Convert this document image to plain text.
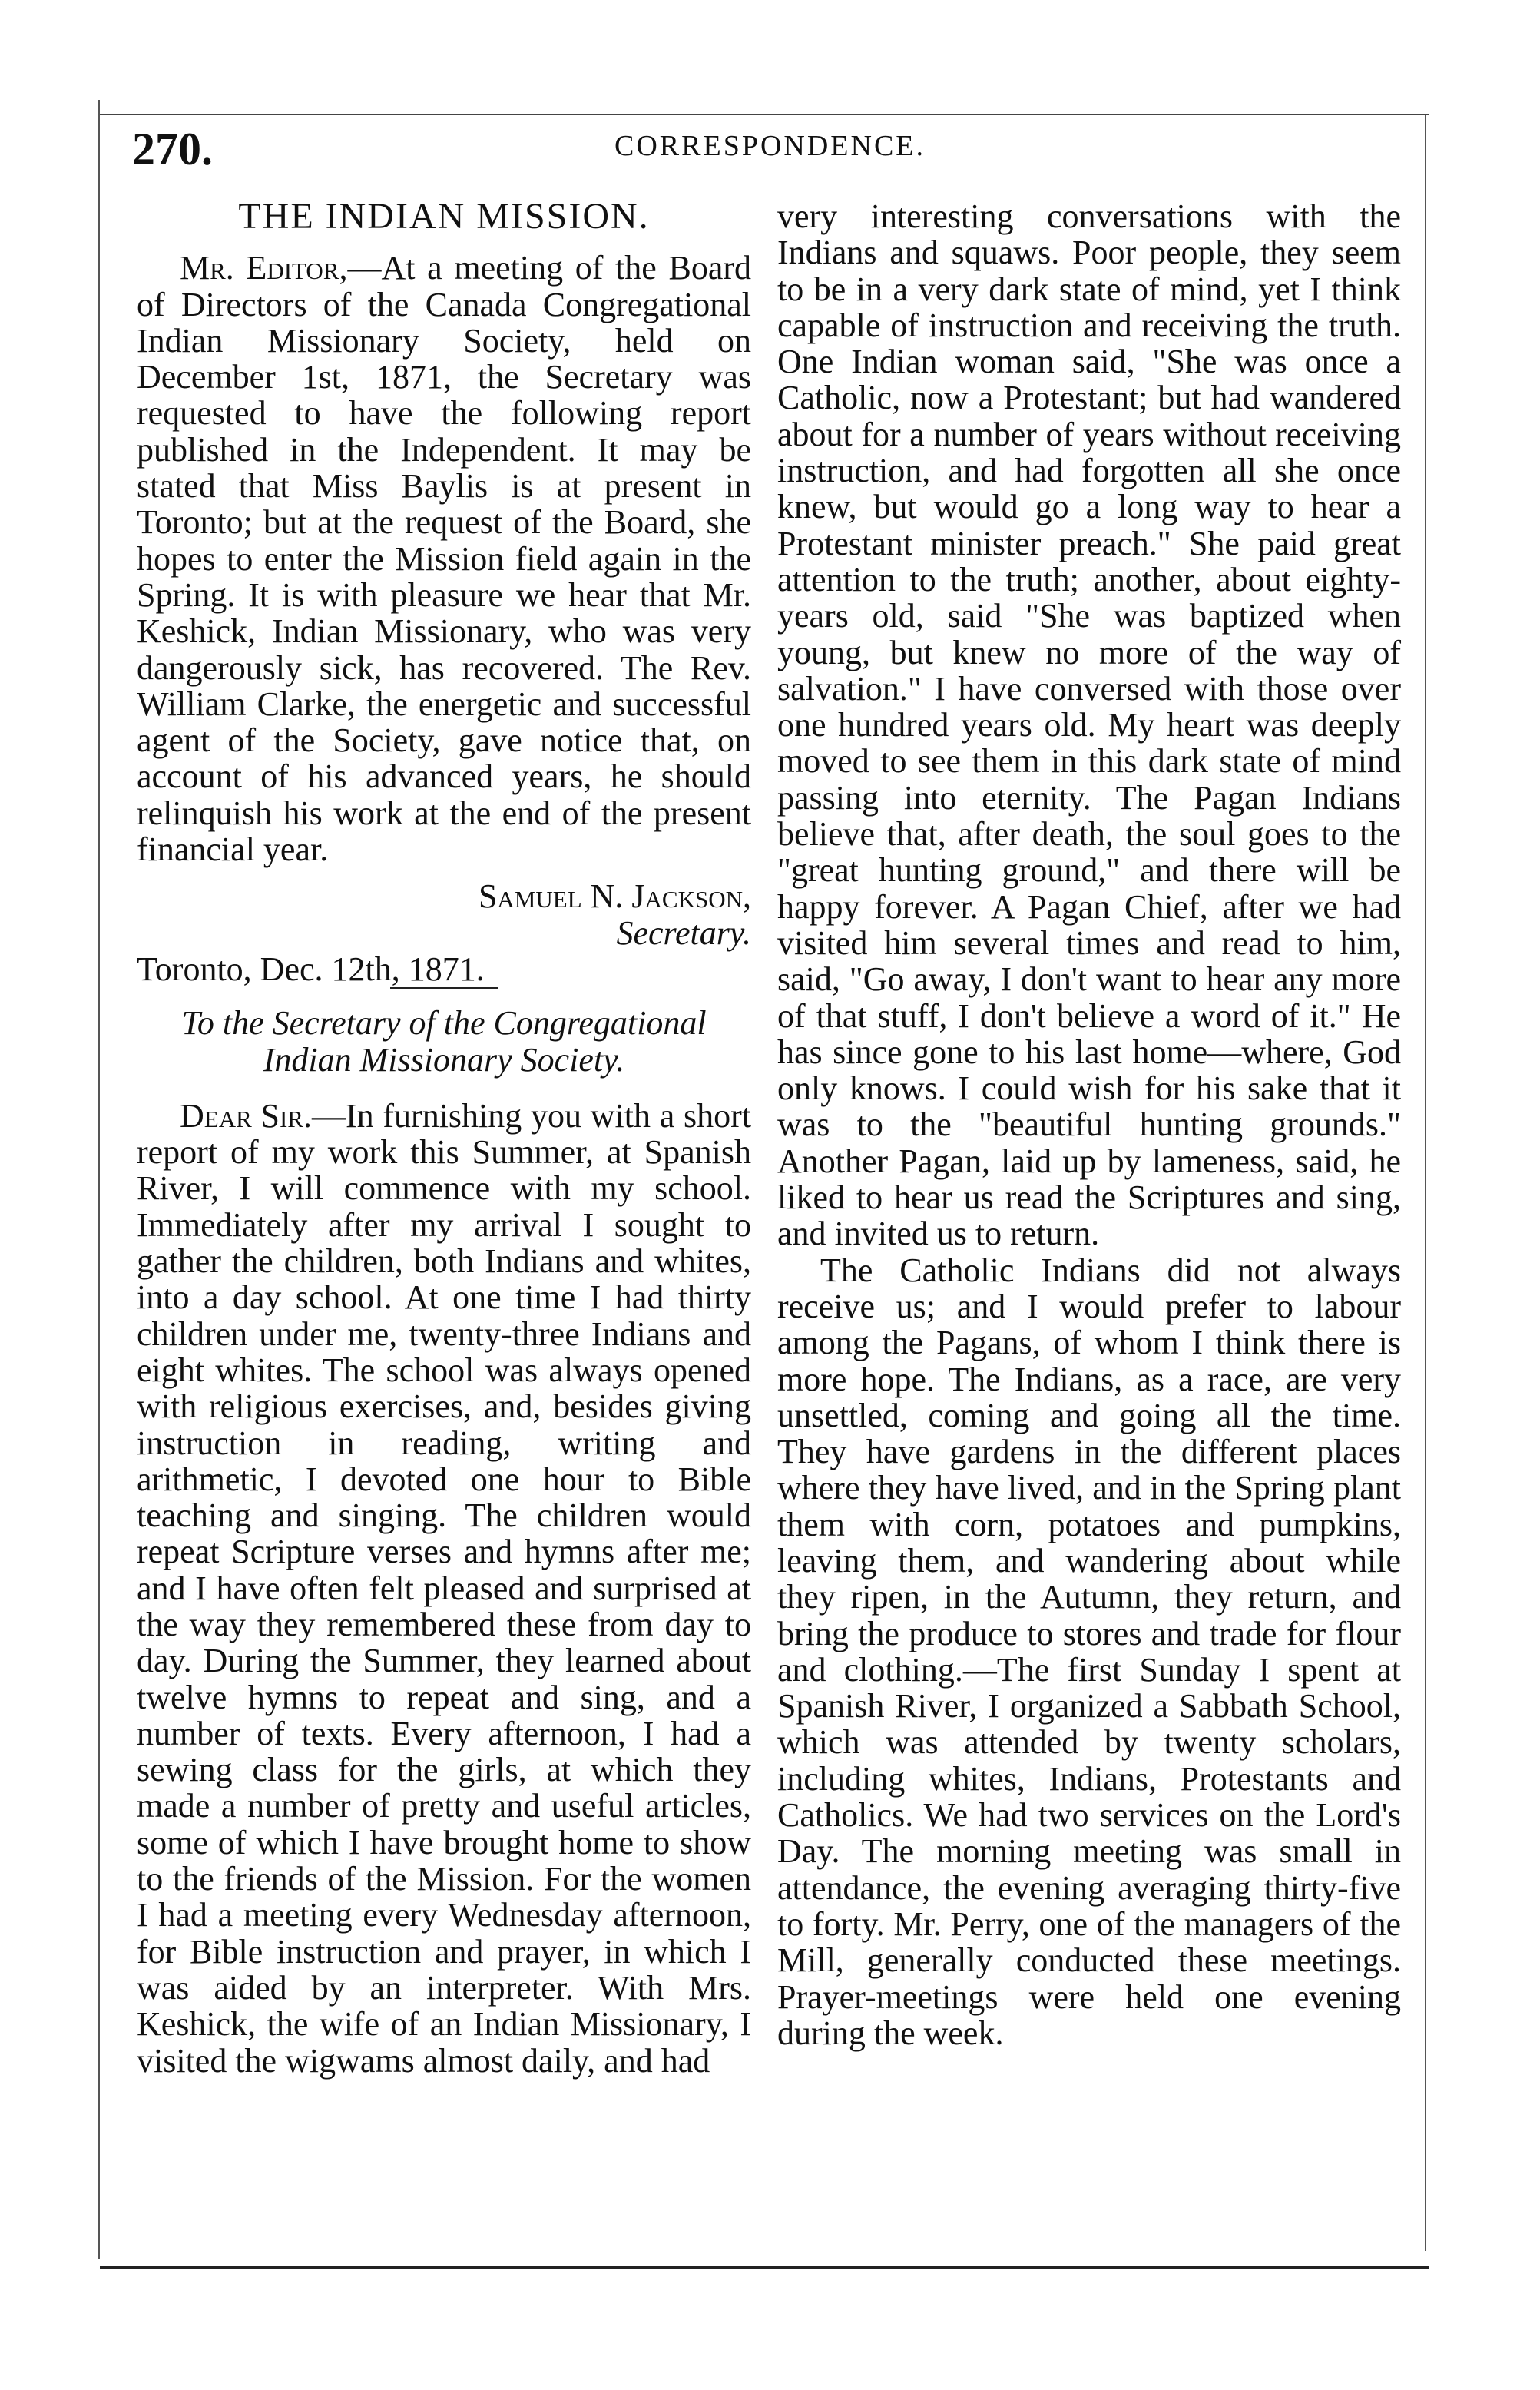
270.	CORRESPONDENCE.
THE INDIAN MISSION.

Mr. Editor,—At a meeting of the Board of Directors of the Canada Congregational Indian Missionary Society, held on December 1st, 1871, the Secretary was requested to have the following report published in the Independent. It may be stated that Miss Baylis is at present in Toronto; but at the request of the Board, she hopes to enter the Mission field again in the Spring. It is with pleasure we hear that Mr. Keshick, Indian Missionary, who was very dangerously sick, has recovered. The Rev. William Clarke, the energetic and successful agent of the Society, gave notice that, on account of his advanced years, he should relinquish his work at the end of the present financial year.

Samuel N. Jackson,

Secretary.

Toronto, Dec. 12th, 1871.

To the Secretary of the Congregational Indian Missionary Society.

Dear Sir.—In furnishing you with a short report of my work this Summer, at Spanish River, I will commence with my school. Immediately after my arrival I sought to gather the children, both Indians and whites, into a day school. At one time I had thirty children under me, twenty-three Indians and eight whites. The school was always opened with religious exercises, and, besides giving instruction in reading, writing and arithmetic, I devoted one hour to Bible teaching and singing. The children would repeat Scripture verses and hymns after me; and I have often felt pleased and surprised at the way they remembered these from day to day. During the Summer, they learned about twelve hymns to repeat and sing, and a number of texts. Every afternoon, I had a sewing class for the girls, at which they made a number of pretty and useful articles, some of which I have brought home to show to the friends of the Mission. For the women I had a meeting every Wednesday afternoon, for Bible instruction and prayer, in which I was aided by an interpreter. With Mrs. Keshick, the wife of an Indian Missionary, I visited the wigwams almost daily, and had

very interesting conversations with the Indians and squaws. Poor people, they seem to be in a very dark state of mind, yet I think capable of instruction and receiving the truth. One Indian woman said, "She was once a Catholic, now a Protestant; but had wandered about for a number of years without receiving instruction, and had forgotten all she once knew, but would go a long way to hear a Protestant minister preach." She paid great attention to the truth; another, about eighty-years old, said "She was baptized when young, but knew no more of the way of salvation." I have conversed with those over one hundred years old. My heart was deeply moved to see them in this dark state of mind passing into eternity. The Pagan Indians believe that, after death, the soul goes to the "great hunting ground," and there will be happy forever. A Pagan Chief, after we had visited him several times and read to him, said, "Go away, I don't want to hear any more of that stuff, I don't believe a word of it." He has since gone to his last home—where, God only knows. I could wish for his sake that it was to the "beautiful hunting grounds." Another Pagan, laid up by lameness, said, he liked to hear us read the Scriptures and sing, and invited us to return.

The Catholic Indians did not always receive us; and I would prefer to labour among the Pagans, of whom I think there is more hope. The Indians, as a race, are very unsettled, coming and going all the time. They have gardens in the different places where they have lived, and in the Spring plant them with corn, potatoes and pumpkins, leaving them, and wandering about while they ripen, in the Autumn, they return, and bring the produce to stores and trade for flour and clothing.—The first Sunday I spent at Spanish River, I organized a Sabbath School, which was attended by twenty scholars, including whites, Indians, Protestants and Catholics. We had two services on the Lord's Day. The morning meeting was small in attendance, the evening averaging thirty-five to forty. Mr. Perry, one of the managers of the Mill, generally conducted these meetings. Prayer-meetings were held one evening during the week.
